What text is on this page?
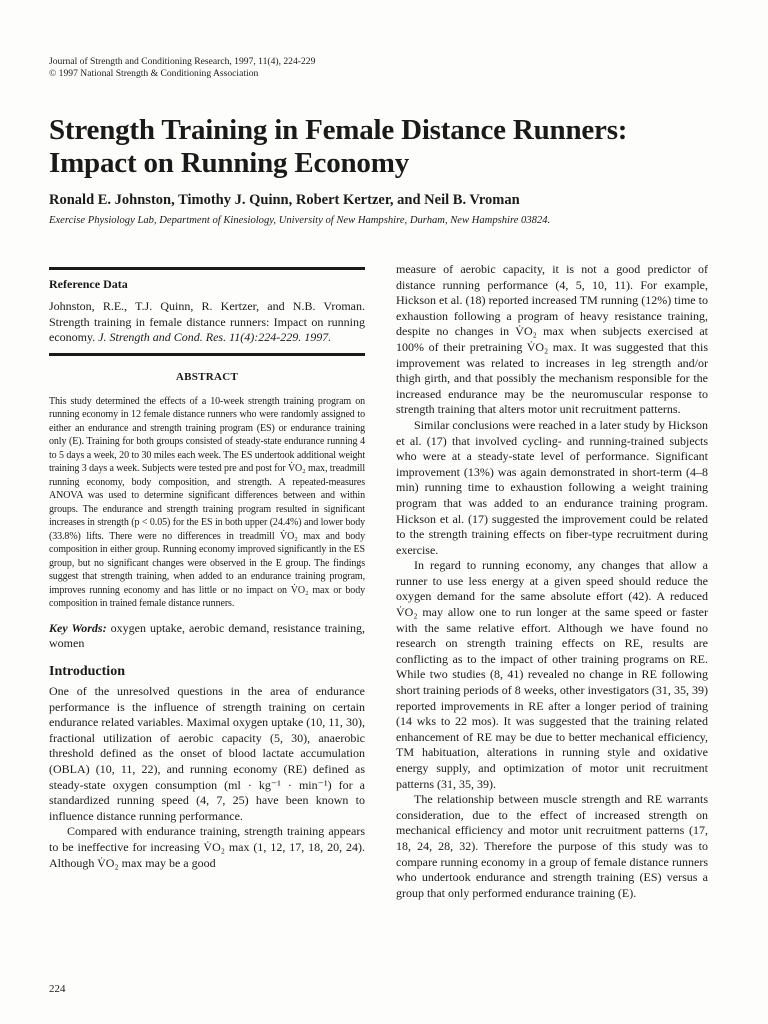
Journal of Strength and Conditioning Research, 1997, 11(4), 224-229
© 1997 National Strength & Conditioning Association
Strength Training in Female Distance Runners:
Impact on Running Economy
Ronald E. Johnston, Timothy J. Quinn, Robert Kertzer, and Neil B. Vroman
Exercise Physiology Lab, Department of Kinesiology, University of New Hampshire, Durham, New Hampshire 03824.
Reference Data
Johnston, R.E., T.J. Quinn, R. Kertzer, and N.B. Vroman. Strength training in female distance runners: Impact on running economy. J. Strength and Cond. Res. 11(4):224-229. 1997.
ABSTRACT

This study determined the effects of a 10-week strength training program on running economy in 12 female distance runners who were randomly assigned to either an endurance and strength training program (ES) or endurance training only (E). Training for both groups consisted of steady-state endurance running 4 to 5 days a week, 20 to 30 miles each week. The ES undertook additional weight training 3 days a week. Subjects were tested pre and post for V̇O₂ max, treadmill running economy, body composition, and strength. A repeated-measures ANOVA was used to determine significant differences between and within groups. The endurance and strength training program resulted in significant increases in strength (p < 0.05) for the ES in both upper (24.4%) and lower body (33.8%) lifts. There were no differences in treadmill V̇O₂ max and body composition in either group. Running economy improved significantly in the ES group, but no significant changes were observed in the E group. The findings suggest that strength training, when added to an endurance training program, improves running economy and has little or no impact on V̇O₂ max or body composition in trained female distance runners.

Key Words: oxygen uptake, aerobic demand, resistance training, women

Introduction

One of the unresolved questions in the area of endurance performance is the influence of strength training on certain endurance related variables. Maximal oxygen uptake (10, 11, 30), fractional utilization of aerobic capacity (5, 30), anaerobic threshold defined as the onset of blood lactate accumulation (OBLA) (10, 11, 22), and running economy (RE) defined as steady-state oxygen consumption (ml · kg⁻¹ · min⁻¹) for a standardized running speed (4, 7, 25) have been known to influence distance running performance.

Compared with endurance training, strength training appears to be ineffective for increasing V̇O₂ max (1, 12, 17, 18, 20, 24). Although V̇O₂ max may be a good

measure of aerobic capacity, it is not a good predictor of distance running performance (4, 5, 10, 11). For example, Hickson et al. (18) reported increased TM running (12%) time to exhaustion following a program of heavy resistance training, despite no changes in V̇O₂ max when subjects exercised at 100% of their pretraining V̇O₂ max. It was suggested that this improvement was related to increases in leg strength and/or thigh girth, and that possibly the mechanism responsible for the increased endurance may be the neuromuscular response to strength training that alters motor unit recruitment patterns.

Similar conclusions were reached in a later study by Hickson et al. (17) that involved cycling- and running-trained subjects who were at a steady-state level of performance. Significant improvement (13%) was again demonstrated in short-term (4–8 min) running time to exhaustion following a weight training program that was added to an endurance training program. Hickson et al. (17) suggested the improvement could be related to the strength training effects on fiber-type recruitment during exercise.

In regard to running economy, any changes that allow a runner to use less energy at a given speed should reduce the oxygen demand for the same absolute effort (42). A reduced V̇O₂ may allow one to run longer at the same speed or faster with the same relative effort. Although we have found no research on strength training effects on RE, results are conflicting as to the impact of other training programs on RE. While two studies (8, 41) revealed no change in RE following short training periods of 8 weeks, other investigators (31, 35, 39) reported improvements in RE after a longer period of training (14 wks to 22 mos). It was suggested that the training related enhancement of RE may be due to better mechanical efficiency, TM habituation, alterations in running style and oxidative energy supply, and optimization of motor unit recruitment patterns (31, 35, 39).

The relationship between muscle strength and RE warrants consideration, due to the effect of increased strength on mechanical efficiency and motor unit recruitment patterns (17, 18, 24, 28, 32). Therefore the purpose of this study was to compare running economy in a group of female distance runners who undertook endurance and strength training (ES) versus a group that only performed endurance training (E).

224
